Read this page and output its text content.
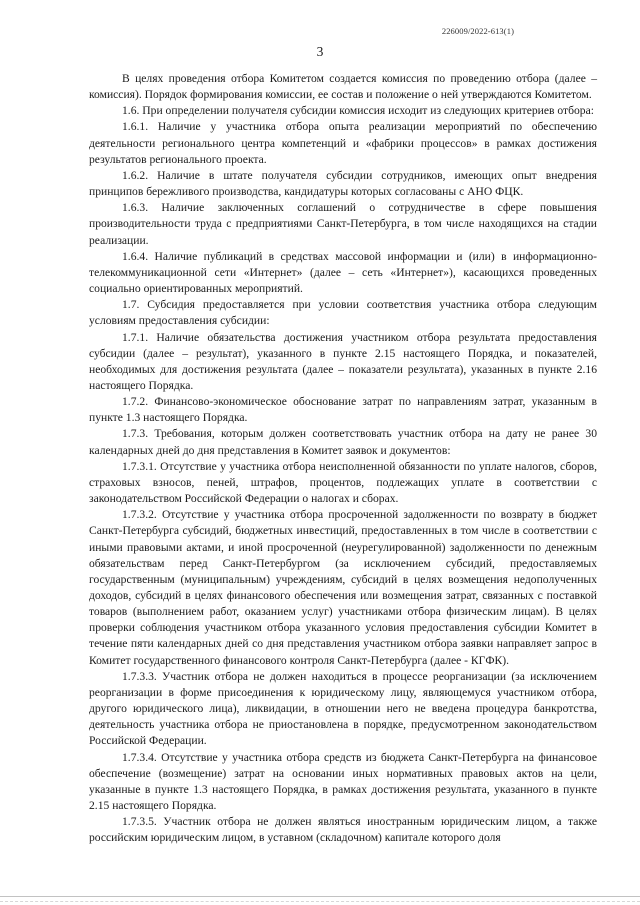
226009/2022-613(1)
3

В целях проведения отбора Комитетом создается комиссия по проведению отбора (далее – комиссия). Порядок формирования комиссии, ее состав и положение о ней утверждаются Комитетом.

1.6. При определении получателя субсидии комиссия исходит из следующих критериев отбора:

1.6.1. Наличие у участника отбора опыта реализации мероприятий по обеспечению деятельности регионального центра компетенций и «фабрики процессов» в рамках достижения результатов регионального проекта.

1.6.2. Наличие в штате получателя субсидии сотрудников, имеющих опыт внедрения принципов бережливого производства, кандидатуры которых согласованы с АНО ФЦК.

1.6.3. Наличие заключенных соглашений о сотрудничестве в сфере повышения производительности труда с предприятиями Санкт-Петербурга, в том числе находящихся на стадии реализации.

1.6.4. Наличие публикаций в средствах массовой информации и (или) в информационно-телекоммуникационной сети «Интернет» (далее – сеть «Интернет»), касающихся проведенных социально ориентированных мероприятий.

1.7. Субсидия предоставляется при условии соответствия участника отбора следующим условиям предоставления субсидии:

1.7.1. Наличие обязательства достижения участником отбора результата предоставления субсидии (далее – результат), указанного в пункте 2.15 настоящего Порядка, и показателей, необходимых для достижения результата (далее – показатели результата), указанных в пункте 2.16 настоящего Порядка.

1.7.2. Финансово-экономическое обоснование затрат по направлениям затрат, указанным в пункте 1.3 настоящего Порядка.

1.7.3. Требования, которым должен соответствовать участник отбора на дату не ранее 30 календарных дней до дня представления в Комитет заявок и документов:

1.7.3.1. Отсутствие у участника отбора неисполненной обязанности по уплате налогов, сборов, страховых взносов, пеней, штрафов, процентов, подлежащих уплате в соответствии с законодательством Российской Федерации о налогах и сборах.

1.7.3.2. Отсутствие у участника отбора просроченной задолженности по возврату в бюджет Санкт-Петербурга субсидий, бюджетных инвестиций, предоставленных в том числе в соответствии с иными правовыми актами, и иной просроченной (неурегулированной) задолженности по денежным обязательствам перед Санкт-Петербургом (за исключением субсидий, предоставляемых государственным (муниципальным) учреждениям, субсидий в целях возмещения недополученных доходов, субсидий в целях финансового обеспечения или возмещения затрат, связанных с поставкой товаров (выполнением работ, оказанием услуг) участниками отбора физическим лицам). В целях проверки соблюдения участником отбора указанного условия предоставления субсидии Комитет в течение пяти календарных дней со дня представления участником отбора заявки направляет запрос в Комитет государственного финансового контроля Санкт-Петербурга (далее - КГФК).

1.7.3.3. Участник отбора не должен находиться в процессе реорганизации (за исключением реорганизации в форме присоединения к юридическому лицу, являющемуся участником отбора, другого юридического лица), ликвидации, в отношении него не введена процедура банкротства, деятельность участника отбора не приостановлена в порядке, предусмотренном законодательством Российской Федерации.

1.7.3.4. Отсутствие у участника отбора средств из бюджета Санкт-Петербурга на финансовое обеспечение (возмещение) затрат на основании иных нормативных правовых актов на цели, указанные в пункте 1.3 настоящего Порядка, в рамках достижения результата, указанного в пункте 2.15 настоящего Порядка.

1.7.3.5. Участник отбора не должен являться иностранным юридическим лицом, а также российским юридическим лицом, в уставном (складочном) капитале которого доля
